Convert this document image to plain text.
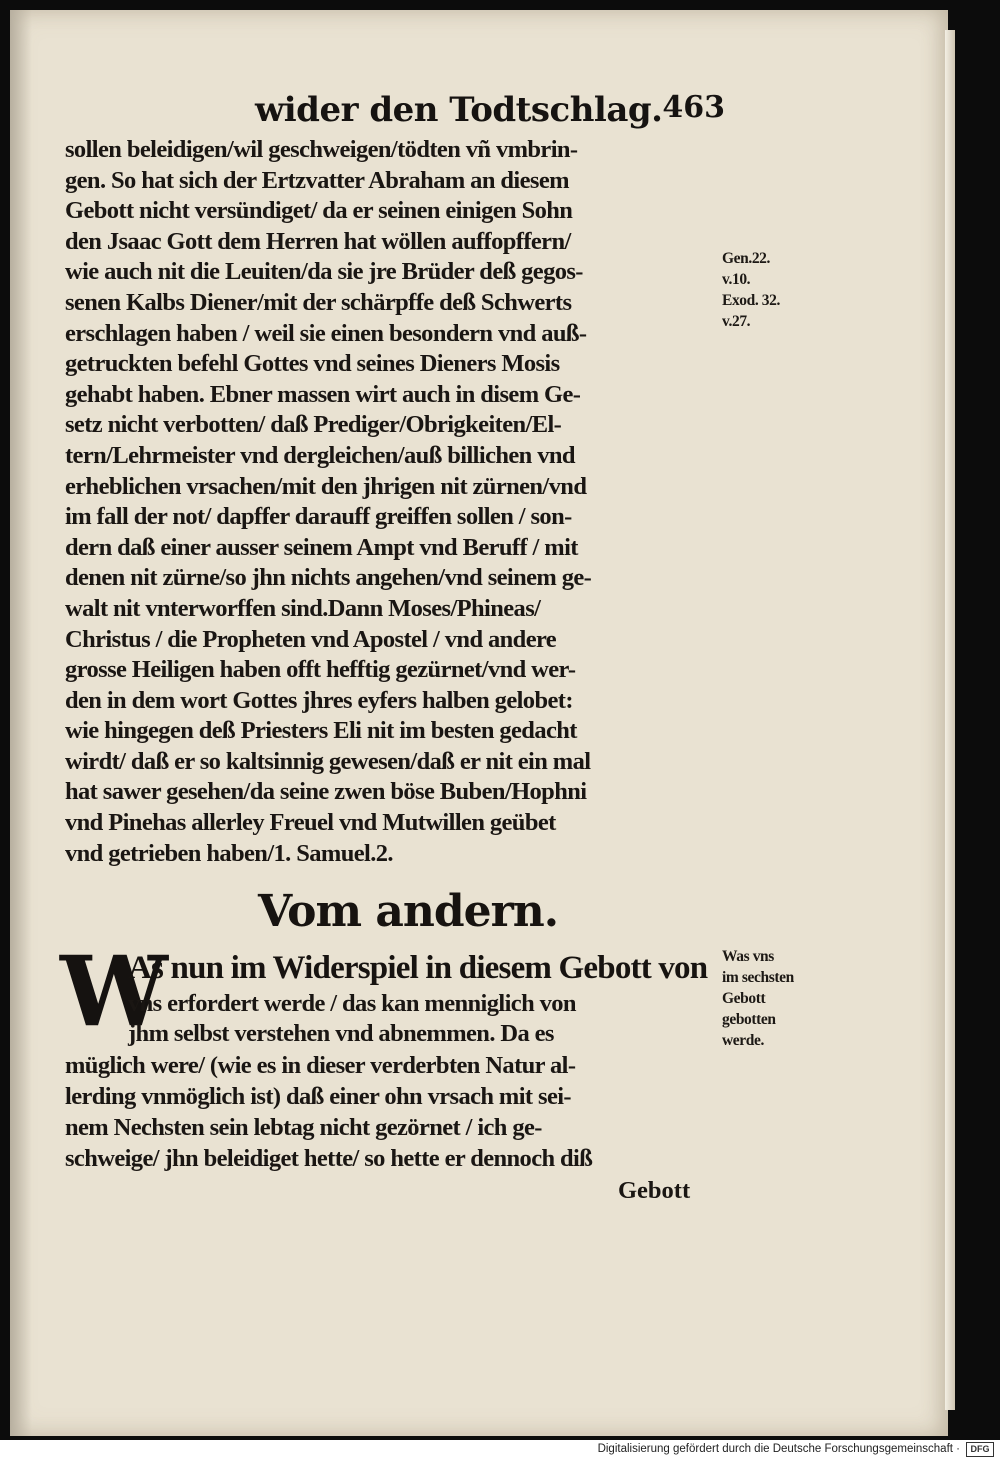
wider den Todtschlag. 463
sollen beleidigen/wil geschweigen/tödten vñ vmbrin-
gen. So hat sich der Ertzvatter Abraham an diesem
Gebott nicht versündiget/ da er seinen einigen Sohn
den Jsaac Gott dem Herren hat wöllen auffopffern/
wie auch nit die Leuiten/da sie jre Brüder deß gegos-
senen Kalbs Diener/mit der schärpffe deß Schwerts
erschlagen haben / weil sie einen besondern vnd auß-
getruckten befehl Gottes vnd seines Dieners Mosis
gehabt haben. Ebner massen wirt auch in disem Ge-
setz nicht verbotten/ daß Prediger/Obrigkeiten/El-
tern/Lehrmeister vnd dergleichen/auß billichen vnd
erheblichen vrsachen/mit den jhrigen nit zürnen/vnd
im fall der not/ dapffer darauff greiffen sollen / son-
dern daß einer ausser seinem Ampt vnd Beruff / mit
denen nit zürne/so jhn nichts angehen/vnd seinem ge-
walt nit vnterworffen sind.Dann Moses/Phineas/
Christus / die Propheten vnd Apostel / vnd andere
grosse Heiligen haben offt hefftig gezürnet/vnd wer-
den in dem wort Gottes jhres eyfers halben gelobet:
wie hingegen deß Priesters Eli nit im besten gedacht
wirdt/ daß er so kaltsinnig gewesen/daß er nit ein mal
hat sawer gesehen/da seine zwen böse Buben/Hophni
vnd Pinehas allerley Freuel vnd Mutwillen geübet
vnd getrieben haben/1. Samuel.2.
Gen.22.
v.10.
Exod. 32.
v.27.
Vom andern.
W
As nun im Widerspiel in diesem Gebott von
vns erfordert werde / das kan menniglich von
jhm selbst verstehen vnd abnemmen. Da es
müglich were/ (wie es in dieser verderbten Natur al-
lerding vnmöglich ist) daß einer ohn vrsach mit sei-
nem Nechsten sein lebtag nicht gezörnet / ich ge-
schweige/ jhn beleidiget hette/ so hette er dennoch diß
Was vns
im sechsten
Gebott
gebotten
werde.
Gebott
Digitalisierung gefördert durch die Deutsche Forschungsgemeinschaft ·	DFG
